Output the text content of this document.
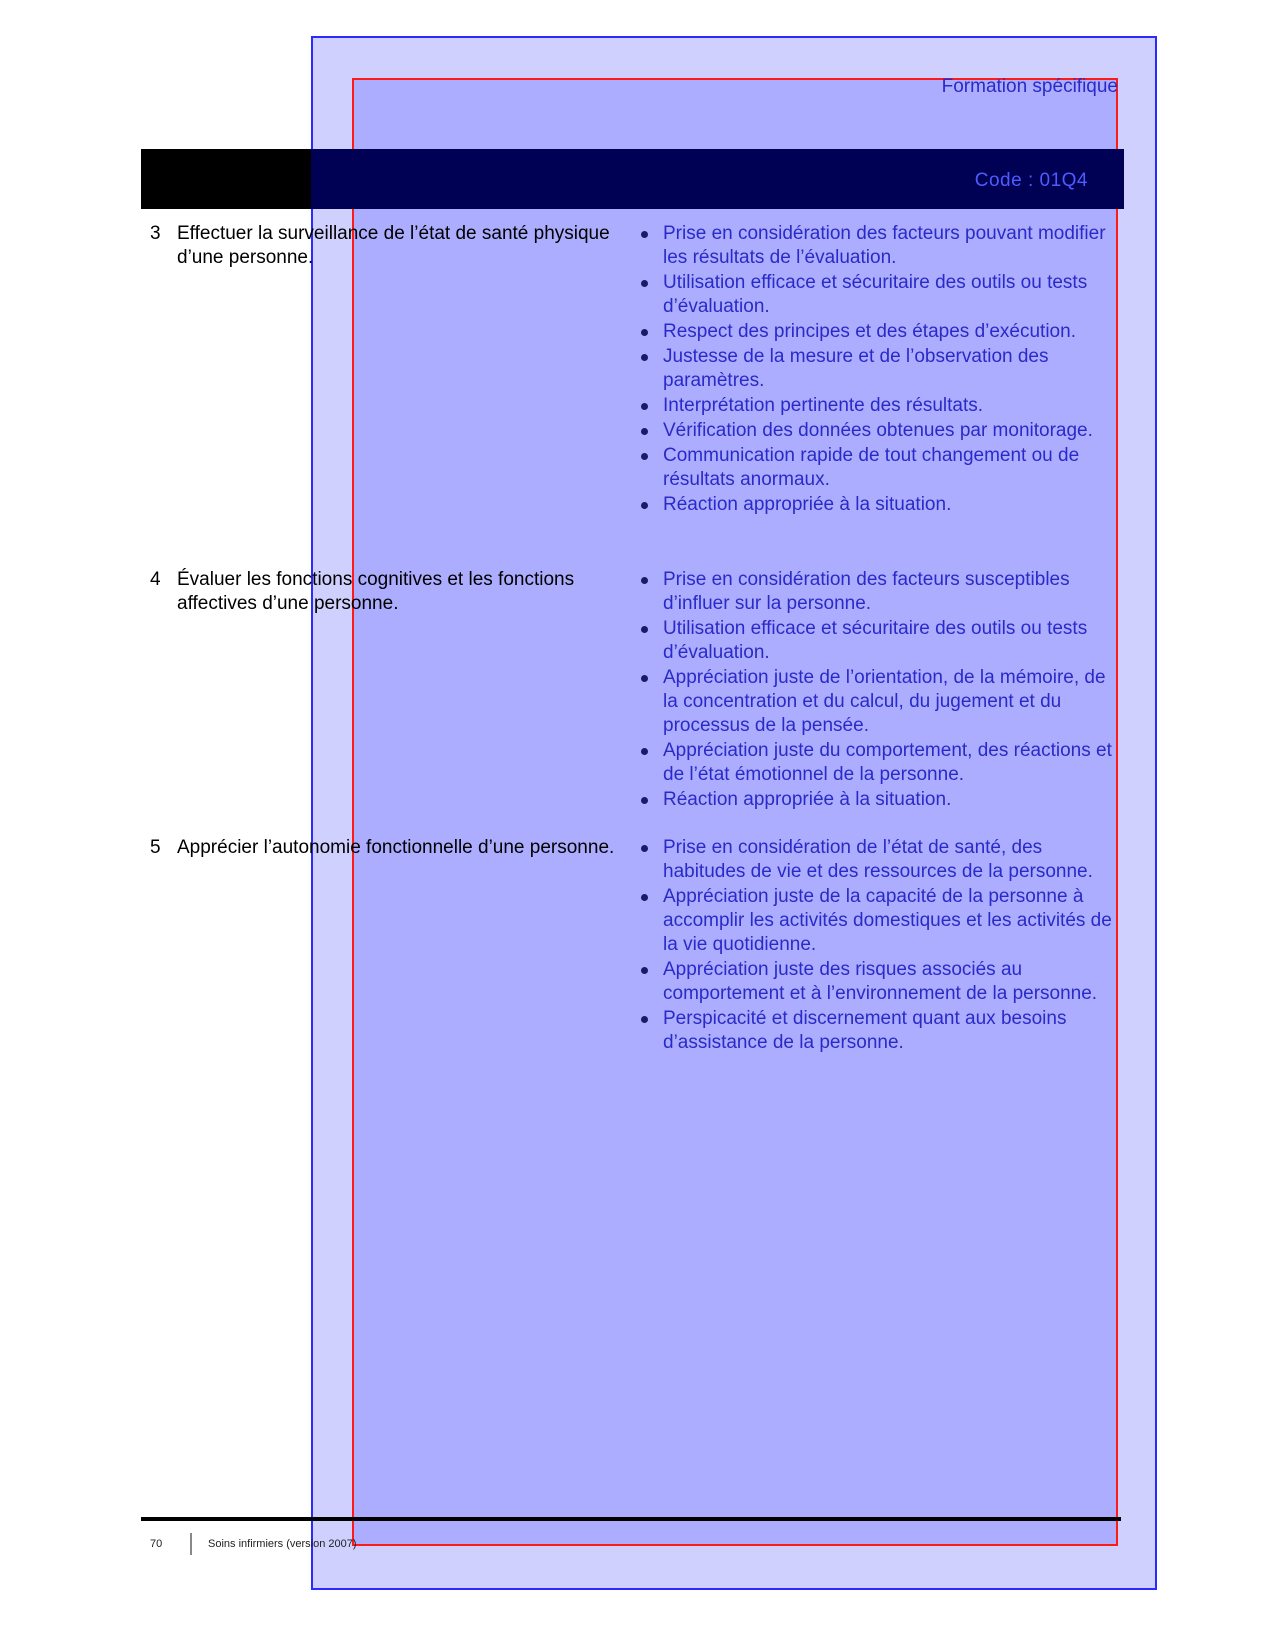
Formation spécifique
Code : 01Q4
3 Effectuer la surveillance de l’état de santé physique d’une personne.
Prise en considération des facteurs pouvant modifier les résultats de l’évaluation.
Utilisation efficace et sécuritaire des outils ou tests d’évaluation.
Respect des principes et des étapes d’exécution.
Justesse de la mesure et de l’observation des paramètres.
Interprétation pertinente des résultats.
Vérification des données obtenues par monitorage.
Communication rapide de tout changement ou de résultats anormaux.
Réaction appropriée à la situation.
4 Évaluer les fonctions cognitives et les fonctions affectives d’une personne.
Prise en considération des facteurs susceptibles d’influer sur la personne.
Utilisation efficace et sécuritaire des outils ou tests d’évaluation.
Appréciation juste de l’orientation, de la mémoire, de la concentration et du calcul, du jugement et du processus de la pensée.
Appréciation juste du comportement, des réactions et de l’état émotionnel de la personne.
Réaction appropriée à la situation.
5 Apprécier l’autonomie fonctionnelle d’une personne.	Prise en considération de l’état de santé, des habitudes de vie et des ressources de la personne.
Appréciation juste de la capacité de la personne à accomplir les activités domestiques et les activités de la vie quotidienne.
Appréciation juste des risques associés au comportement et à l’environnement de la personne.
Perspicacité et discernement quant aux besoins d’assistance de la personne.
70	Soins infirmiers (version 2007)
